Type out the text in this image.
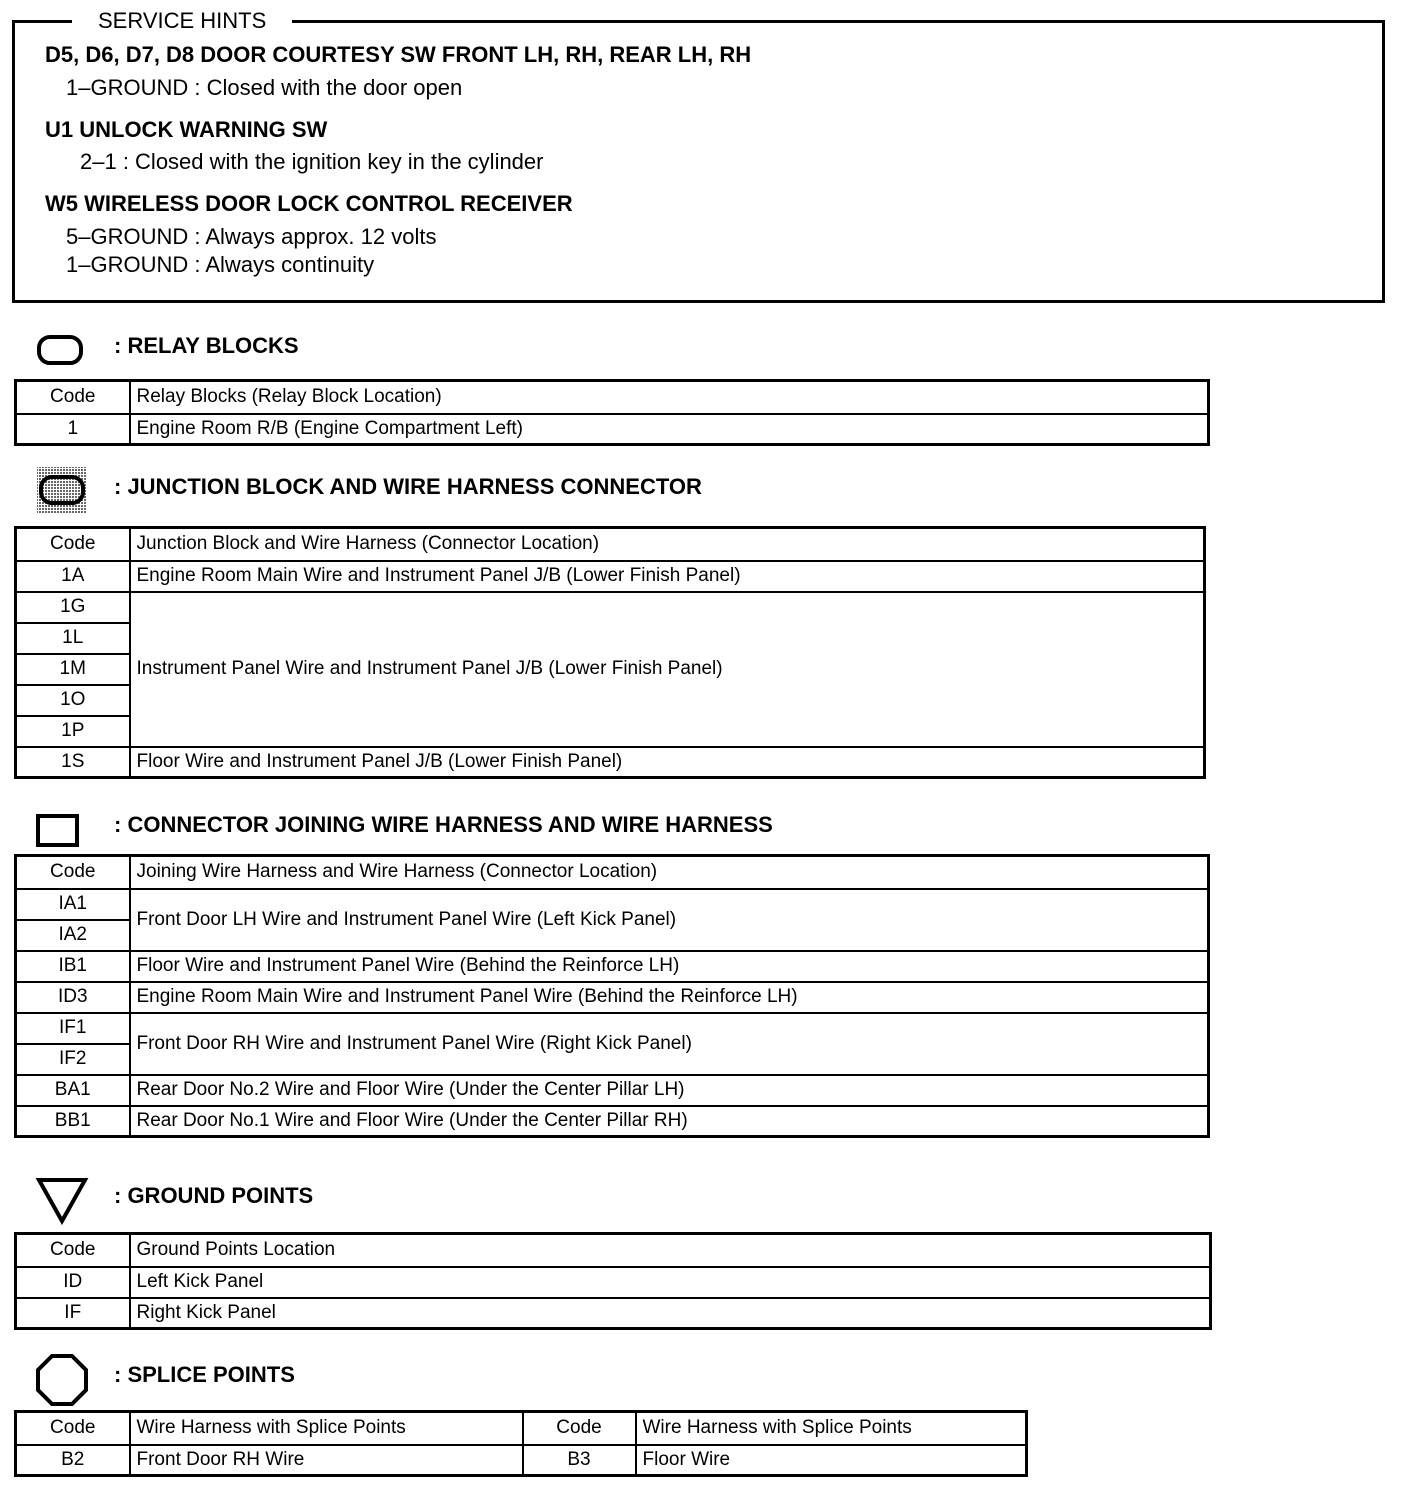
SERVICE HINTS
D5, D6, D7, D8 DOOR COURTESY SW FRONT LH, RH, REAR LH, RH
1–GROUND : Closed with the door open
U1 UNLOCK WARNING SW
2–1 : Closed with the ignition key in the cylinder
W5 WIRELESS DOOR LOCK CONTROL RECEIVER
5–GROUND : Always approx. 12 volts
1–GROUND : Always continuity
: RELAY BLOCKS
Code	Relay Blocks (Relay Block Location)
1	Engine Room R/B (Engine Compartment Left)
: JUNCTION BLOCK AND WIRE HARNESS CONNECTOR
Code	Junction Block and Wire Harness (Connector Location)
1A	Engine Room Main Wire and Instrument Panel J/B (Lower Finish Panel)
1G	Instrument Panel Wire and Instrument Panel J/B (Lower Finish Panel)
1L	
1M	
1O	
1P	
1S	Floor Wire and Instrument Panel J/B (Lower Finish Panel)
: CONNECTOR JOINING WIRE HARNESS AND WIRE HARNESS
Code	Joining Wire Harness and Wire Harness (Connector Location)
IA1	Front Door LH Wire and Instrument Panel Wire (Left Kick Panel)
IA2	
IB1	Floor Wire and Instrument Panel Wire (Behind the Reinforce LH)
ID3	Engine Room Main Wire and Instrument Panel Wire (Behind the Reinforce LH)
IF1	Front Door RH Wire and Instrument Panel Wire (Right Kick Panel)
IF2	
BA1	Rear Door No.2 Wire and Floor Wire (Under the Center Pillar LH)
BB1	Rear Door No.1 Wire and Floor Wire (Under the Center Pillar RH)
: GROUND POINTS
Code	Ground Points Location
ID	Left Kick Panel
IF	Right Kick Panel
: SPLICE POINTS
Code	Wire Harness with Splice Points	Code	Wire Harness with Splice Points
B2	Front Door RH Wire	B3	Floor Wire
